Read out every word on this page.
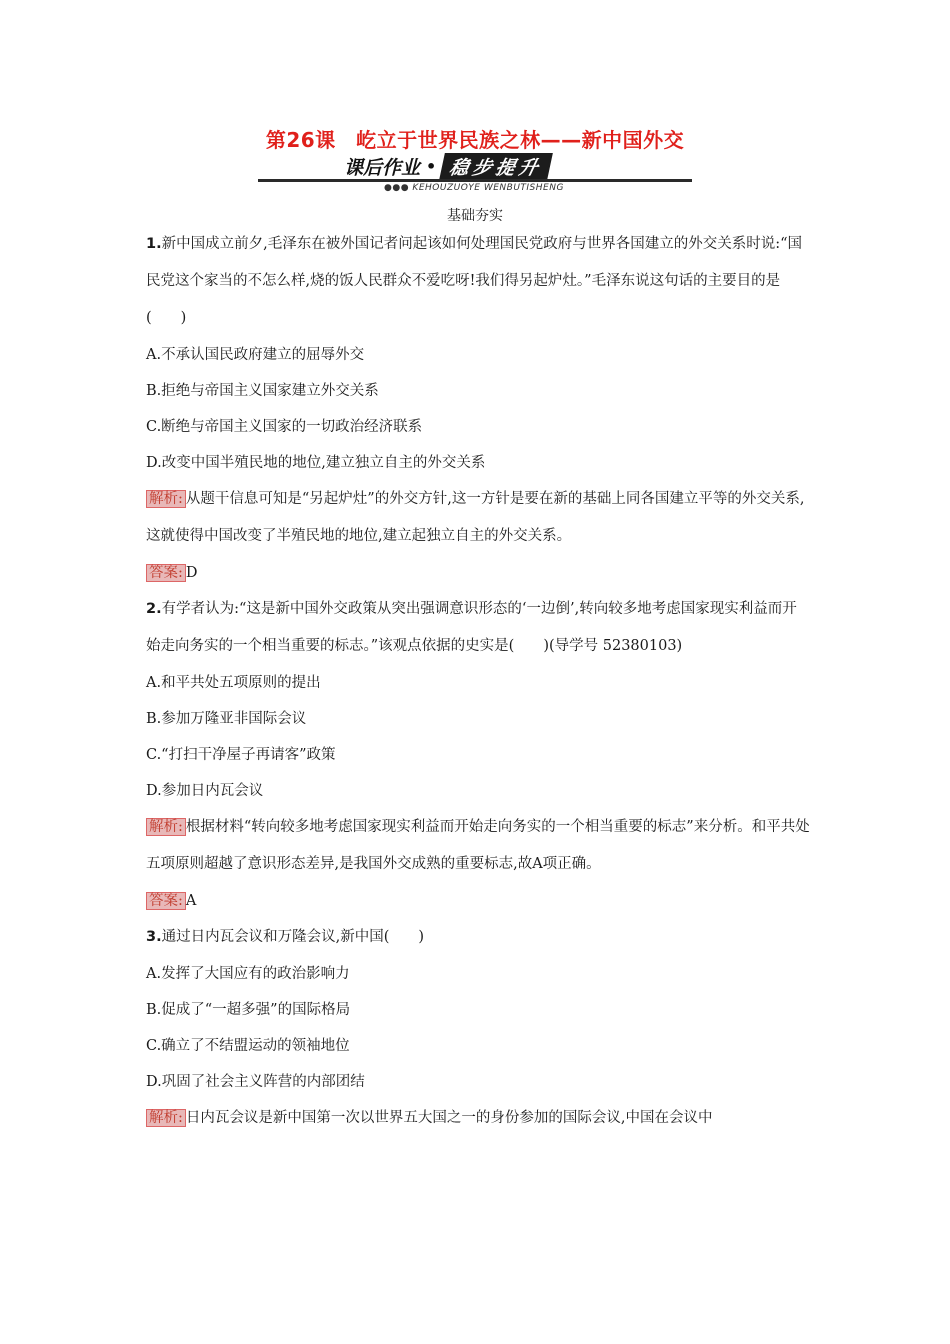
第26课　屹立于世界民族之林——新中国外交
课后作业 • 稳步提升
●●● KEHOUZUOYE WENBUTISHENG
基础夯实

1.新中国成立前夕,毛泽东在被外国记者问起该如何处理国民党政府与世界各国建立的外交关系时说:“国民党这个家当的不怎么样,烧的饭人民群众不爱吃呀!我们得另起炉灶。”毛泽东说这句话的主要目的是(　　)

A.不承认国民政府建立的屈辱外交

B.拒绝与帝国主义国家建立外交关系

C.断绝与帝国主义国家的一切政治经济联系

D.改变中国半殖民地的地位,建立独立自主的外交关系

解析: 从题干信息可知是“另起炉灶”的外交方针,这一方针是要在新的基础上同各国建立平等的外交关系,这就使得中国改变了半殖民地的地位,建立起独立自主的外交关系。

答案: D

2.有学者认为:“这是新中国外交政策从突出强调意识形态的‘一边倒’,转向较多地考虑国家现实利益而开始走向务实的一个相当重要的标志。”该观点依据的史实是(　　)(导学号 52380103)

A.和平共处五项原则的提出

B.参加万隆亚非国际会议

C.“打扫干净屋子再请客”政策

D.参加日内瓦会议

解析: 根据材料“转向较多地考虑国家现实利益而开始走向务实的一个相当重要的标志”来分析。和平共处五项原则超越了意识形态差异,是我国外交成熟的重要标志,故A项正确。

答案: A

3.通过日内瓦会议和万隆会议,新中国(　　)

A.发挥了大国应有的政治影响力

B.促成了“一超多强”的国际格局

C.确立了不结盟运动的领袖地位

D.巩固了社会主义阵营的内部团结

解析: 日内瓦会议是新中国第一次以世界五大国之一的身份参加的国际会议,中国在会议中
